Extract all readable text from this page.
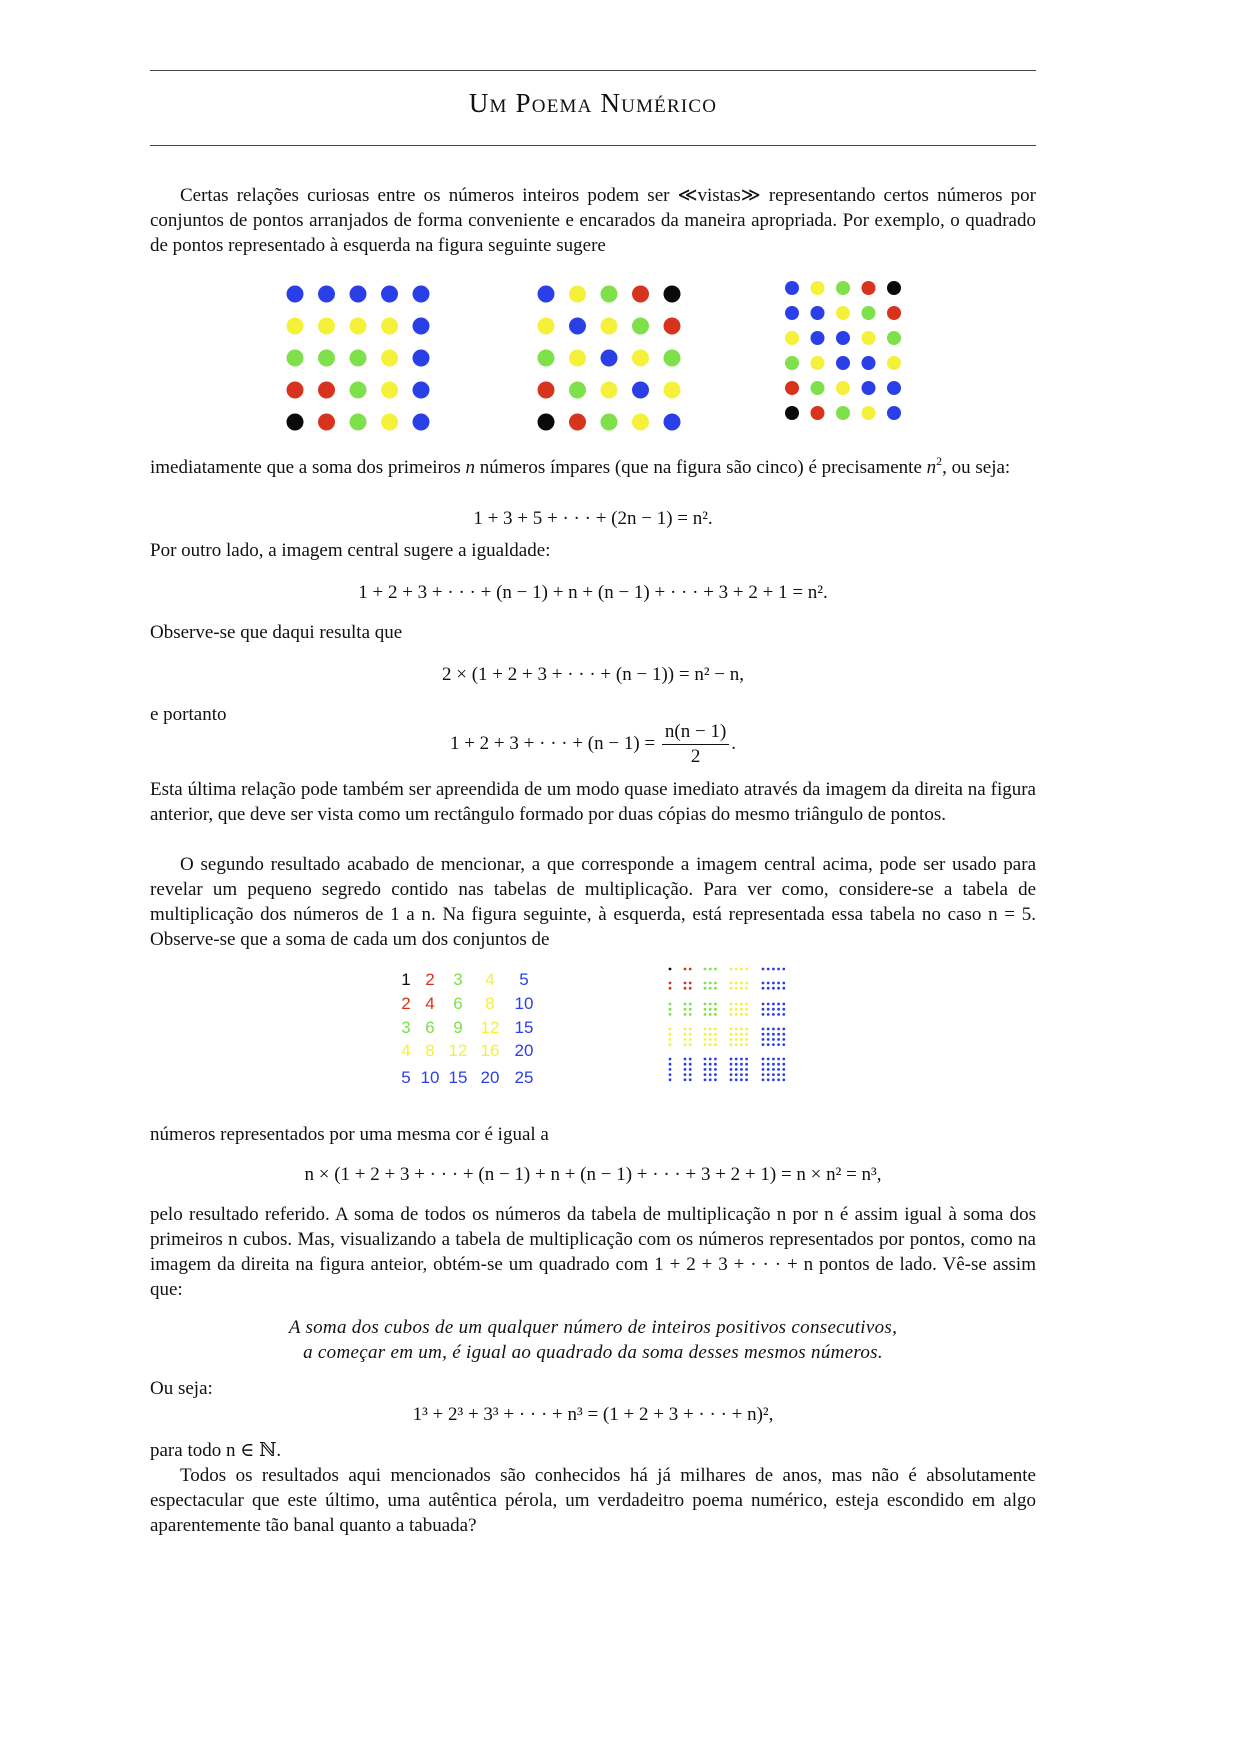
Um Poema Numérico

Certas relações curiosas entre os números inteiros podem ser ≪vistas≫ representando certos números por conjuntos de pontos arranjados de forma conveniente e encarados da maneira apropriada. Por exemplo, o quadrado de pontos representado à esquerda na figura seguinte sugere

imediatamente que a soma dos primeiros n números ímpares (que na figura são cinco) é precisamente $n^2$, ou seja:

1 + 3 + 5 + · · · + (2n − 1) = n².

Por outro lado, a imagem central sugere a igualdade:

1 + 2 + 3 + · · · + (n − 1) + n + (n − 1) + · · · + 3 + 2 + 1 = n².

Observe-se que daqui resulta que

2 × (1 + 2 + 3 + · · · + (n − 1)) = n² − n,

e portanto

1 + 2 + 3 + · · · + $(n - 1) = \frac{n(n - 1)}{2}$ .

Esta última relação pode também ser apreendida de um modo quase imediato através da imagem da direita na figura anterior, que deve ser vista como um rectângulo formado por duas cópias do mesmo triângulo de pontos.

O segundo resultado acabado de mencionar, a que corresponde a imagem central acima, pode ser usado para revelar um pequeno segredo contido nas tabelas de multiplicação. Para ver como, considere-se a tabela de multiplicação dos números de 1 a n. Na figura seguinte, à esquerda, está representada essa tabela no caso n = 5. Observe-se que a soma de cada um dos conjuntos de

1 2 3 4 5
2 4 6 8 10
3 6 9 12 15
4 8 12 16 20
5 10 15 20 25

números representados por uma mesma cor é igual a

n × (1 + 2 + 3 + · · · + (n − 1) + n + (n − 1) + · · · + 3 + 2 + 1) = n × n² = n³,

pelo resultado referido. A soma de todos os números da tabela de multiplicação n por n é assim igual à soma dos primeiros n cubos. Mas, visualizando a tabela de multiplicação com os números representados por pontos, como na imagem da direita na figura anteior, obtém-se um quadrado com 1 + 2 + 3 + · · · + n pontos de lado. Vê-se assim que:

A soma dos cubos de um qualquer número de inteiros positivos consecutivos,
a começar em um, é igual ao quadrado da soma desses mesmos números.

Ou seja:

1³ + 2³ + 3³ + · · · + n³ = (1 + 2 + 3 + · · · + n)²,

para todo n ∈ ℕ.

Todos os resultados aqui mencionados são conhecidos há já milhares de anos, mas não é absolutamente espectacular que este último, uma autêntica pérola, um verdadeitro poema numérico, esteja escondido em algo aparentemente tão banal quanto a tabuada?
